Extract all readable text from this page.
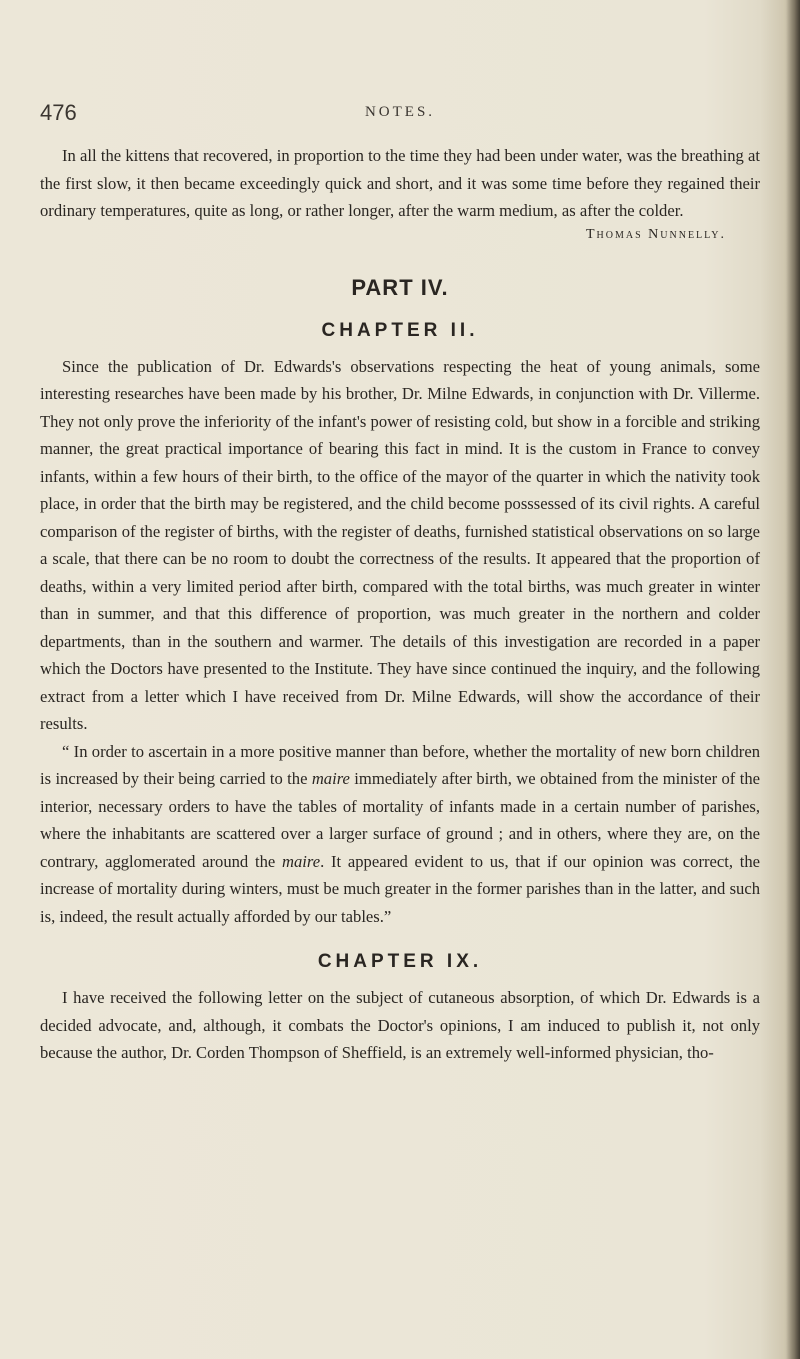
476	NOTES.

In all the kittens that recovered, in proportion to the time they had been under water, was the breathing at the first slow, it then became exceedingly quick and short, and it was some time before they regained their ordinary temperatures, quite as long, or rather longer, after the warm medium, as after the colder.

Thomas Nunnelly.

PART IV.
CHAPTER II.

Since the publication of Dr. Edwards's observations respecting the heat of young animals, some interesting researches have been made by his brother, Dr. Milne Edwards, in conjunction with Dr. Villerme. They not only prove the inferiority of the infant's power of resisting cold, but show in a forcible and striking manner, the great practical importance of bearing this fact in mind. It is the custom in France to convey infants, within a few hours of their birth, to the office of the mayor of the quarter in which the nativity took place, in order that the birth may be registered, and the child become posssessed of its civil rights. A careful comparison of the register of births, with the register of deaths, furnished statistical observations on so large a scale, that there can be no room to doubt the correctness of the results. It appeared that the proportion of deaths, within a very limited period after birth, compared with the total births, was much greater in winter than in summer, and that this difference of proportion, was much greater in the northern and colder departments, than in the southern and warmer. The details of this investigation are recorded in a paper which the Doctors have presented to the Institute. They have since continued the inquiry, and the following extract from a letter which I have received from Dr. Milne Edwards, will show the accordance of their results.

“ In order to ascertain in a more positive manner than before, whether the mortality of new born children is increased by their being carried to the maire immediately after birth, we obtained from the minister of the interior, necessary orders to have the tables of mortality of infants made in a certain number of parishes, where the inhabitants are scattered over a larger surface of ground ; and in others, where they are, on the contrary, agglomerated around the maire. It appeared evident to us, that if our opinion was correct, the increase of mortality during winters, must be much greater in the former parishes than in the latter, and such is, indeed, the result actually afforded by our tables.”

CHAPTER IX.

I have received the following letter on the subject of cutaneous absorption, of which Dr. Edwards is a decided advocate, and, although, it combats the Doctor's opinions, I am induced to publish it, not only because the author, Dr. Corden Thompson of Sheffield, is an extremely well-informed physician, tho-
